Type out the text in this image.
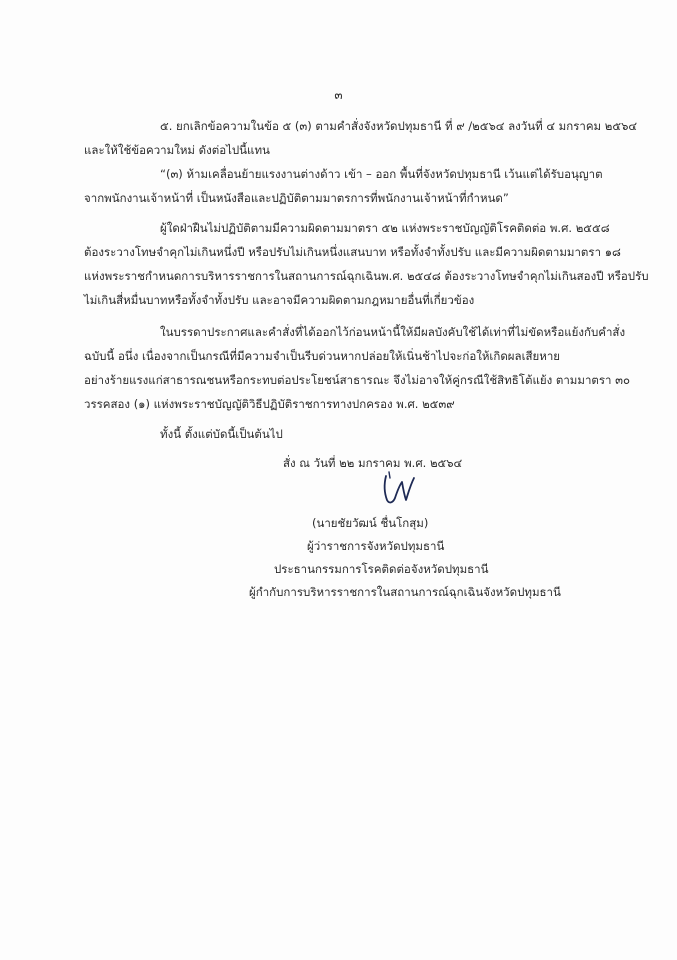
๓
๕. ยกเลิกข้อความในข้อ ๕ (๓) ตามคำสั่งจังหวัดปทุมธานี ที่ ๙ /๒๕๖๔ ลงวันที่ ๔ มกราคม ๒๕๖๔
และให้ใช้ข้อความใหม่ ดังต่อไปนี้แทน
“(๓) ห้ามเคลื่อนย้ายแรงงานต่างด้าว เข้า – ออก พื้นที่จังหวัดปทุมธานี เว้นแต่ได้รับอนุญาต
จากพนักงานเจ้าหน้าที่ เป็นหนังสือและปฏิบัติตามมาตรการที่พนักงานเจ้าหน้าที่กำหนด”
ผู้ใดฝ่าฝืนไม่ปฏิบัติตามมีความผิดตามมาตรา ๕๒ แห่งพระราชบัญญัติโรคติดต่อ พ.ศ. ๒๕๕๘
ต้องระวางโทษจำคุกไม่เกินหนึ่งปี หรือปรับไม่เกินหนึ่งแสนบาท หรือทั้งจำทั้งปรับ และมีความผิดตามมาตรา ๑๘
แห่งพระราชกำหนดการบริหารราชการในสถานการณ์ฉุกเฉินพ.ศ. ๒๕๔๘ ต้องระวางโทษจำคุกไม่เกินสองปี หรือปรับ
ไม่เกินสี่หมื่นบาทหรือทั้งจำทั้งปรับ และอาจมีความผิดตามกฎหมายอื่นที่เกี่ยวข้อง
ในบรรดาประกาศและคำสั่งที่ได้ออกไว้ก่อนหน้านี้ให้มีผลบังคับใช้ได้เท่าที่ไม่ขัดหรือแย้งกับคำสั่ง
ฉบับนี้ อนึ่ง เนื่องจากเป็นกรณีที่มีความจำเป็นรีบด่วนหากปล่อยให้เนิ่นช้าไปจะก่อให้เกิดผลเสียหาย
อย่างร้ายแรงแก่สาธารณชนหรือกระทบต่อประโยชน์สาธารณะ จึงไม่อาจให้คู่กรณีใช้สิทธิโต้แย้ง ตามมาตรา ๓๐
วรรคสอง (๑) แห่งพระราชบัญญัติวิธีปฏิบัติราชการทางปกครอง พ.ศ. ๒๕๓๙
ทั้งนี้ ตั้งแต่บัดนี้เป็นต้นไป
สั่ง ณ วันที่ ๒๒ มกราคม พ.ศ. ๒๕๖๔
(นายชัยวัฒน์ ชื่นโกสุม)
ผู้ว่าราชการจังหวัดปทุมธานี
ประธานกรรมการโรคติดต่อจังหวัดปทุมธานี
ผู้กำกับการบริหารราชการในสถานการณ์ฉุกเฉินจังหวัดปทุมธานี
